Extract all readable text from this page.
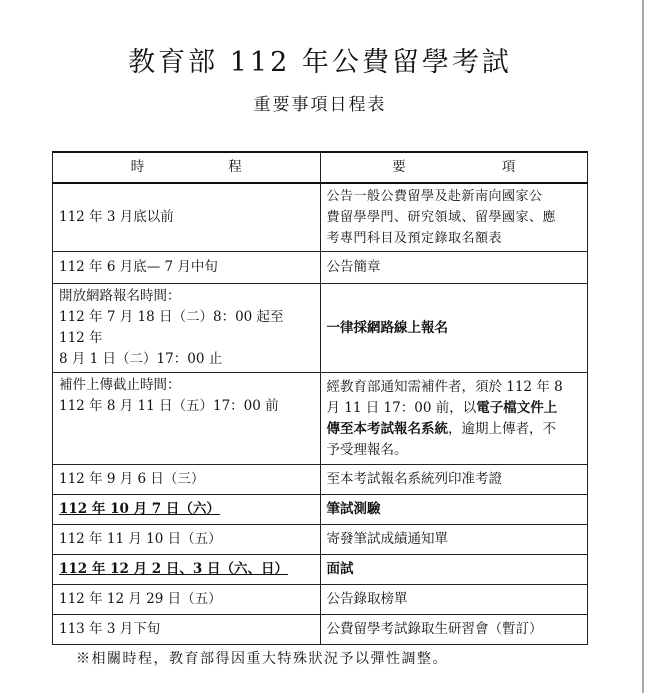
教育部 112 年公費留學考試
重要事項日程表
時程	要項

112 年 3 月底以前	公告一般公費留學及赴新南向國家公
費留學學門、研究領域、留學國家、應
考專門科目及預定錄取名額表

112 年 6 月底— 7 月中旬	公告簡章

開放網路報名時間：
112 年 7 月 18 日（二）8：00 起至 112 年
8 月 1 日（二）17：00 止	一律採網路線上報名

補件上傳截止時間：
112 年 8 月 11 日（五）17：00 前	經教育部通知需補件者，須於 112 年 8
月 11 日 17：00 前，以電子檔文件上
傳至本考試報名系統，逾期上傳者，不
予受理報名。

112 年 9 月 6 日（三）	至本考試報名系統列印准考證

112 年 10 月 7 日（六）	筆試測驗

112 年 11 月 10 日（五）	寄發筆試成績通知單

112 年 12 月 2 日、3 日（六、日）	面試

112 年 12 月 29 日（五）	公告錄取榜單

113 年 3 月下旬	公費留學考試錄取生研習會（暫訂）
※相關時程，教育部得因重大特殊狀況予以彈性調整。
